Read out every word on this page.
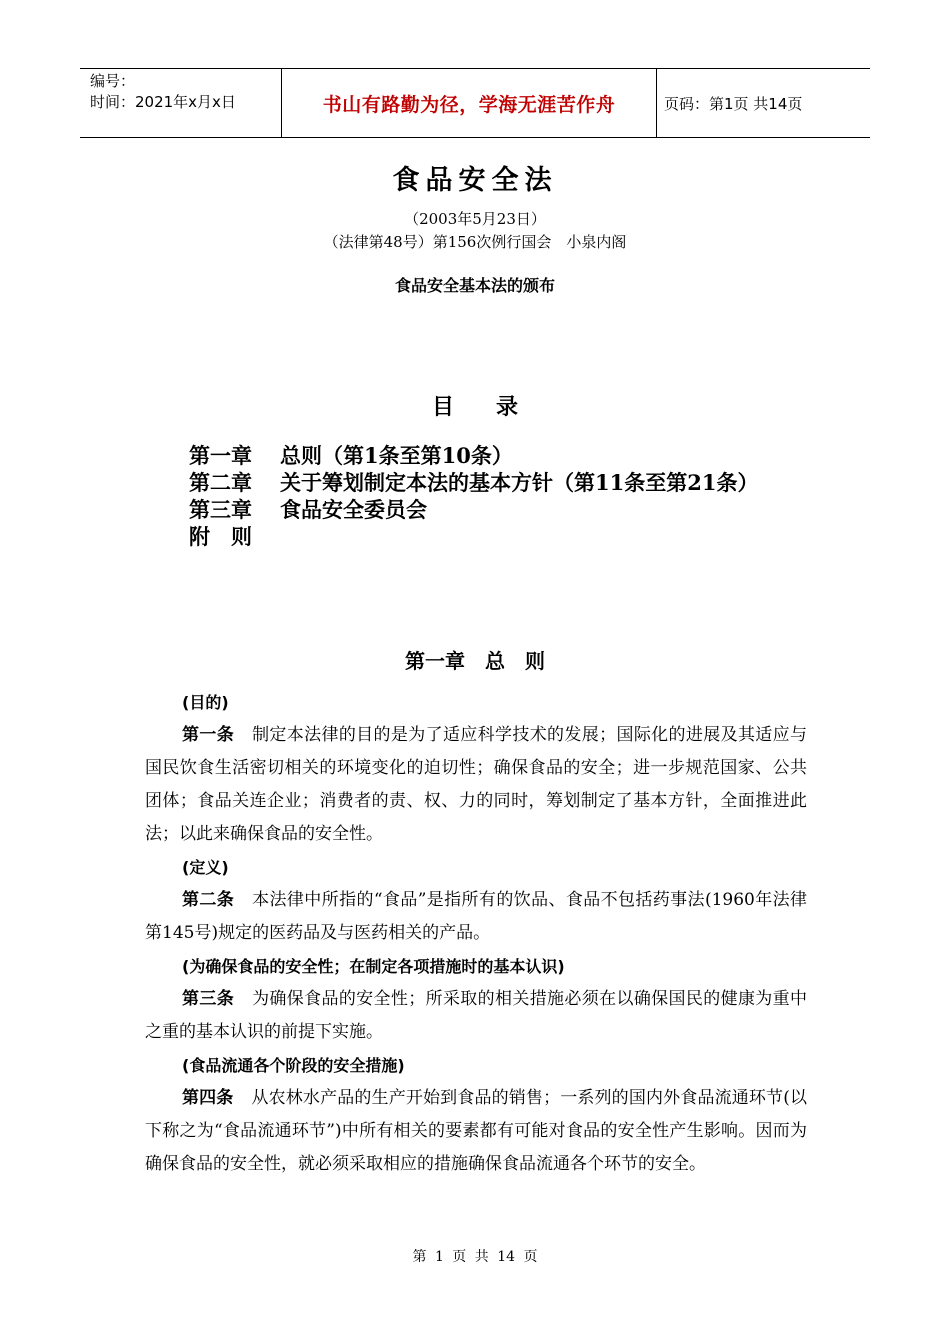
编号：
时间：2021年x月x日	书山有路勤为径，学海无涯苦作舟	页码：第1页 共14页
食品安全法
（2003年5月23日）
（法律第48号）第156次例行国会　小泉内阁
食品安全基本法的颁布
目录
第一章 总则（第1条至第10条）
第二章 关于筹划制定本法的基本方针（第11条至第21条）
第三章 食品安全委员会
附　则
第一章　总　则
(目的)

第一条 制定本法律的目的是为了适应科学技术的发展；国际化的进展及其适应与国民饮食生活密切相关的环境变化的迫切性；确保食品的安全；进一步规范国家、公共团体；食品关连企业；消费者的责、权、力的同时，筹划制定了基本方针，全面推进此法；以此来确保食品的安全性。

(定义)

第二条 本法律中所指的“食品”是指所有的饮品、食品不包括药事法(1960年法律第145号)规定的医药品及与医药相关的产品。

(为确保食品的安全性；在制定各项措施时的基本认识)

第三条 为确保食品的安全性；所采取的相关措施必须在以确保国民的健康为重中之重的基本认识的前提下实施。

(食品流通各个阶段的安全措施)

第四条 从农林水产品的生产开始到食品的销售；一系列的国内外食品流通环节(以下称之为“食品流通环节”)中所有相关的要素都有可能对食品的安全性产生影响。因而为确保食品的安全性，就必须采取相应的措施确保食品流通各个环节的安全。

第 1 页 共 14 页
